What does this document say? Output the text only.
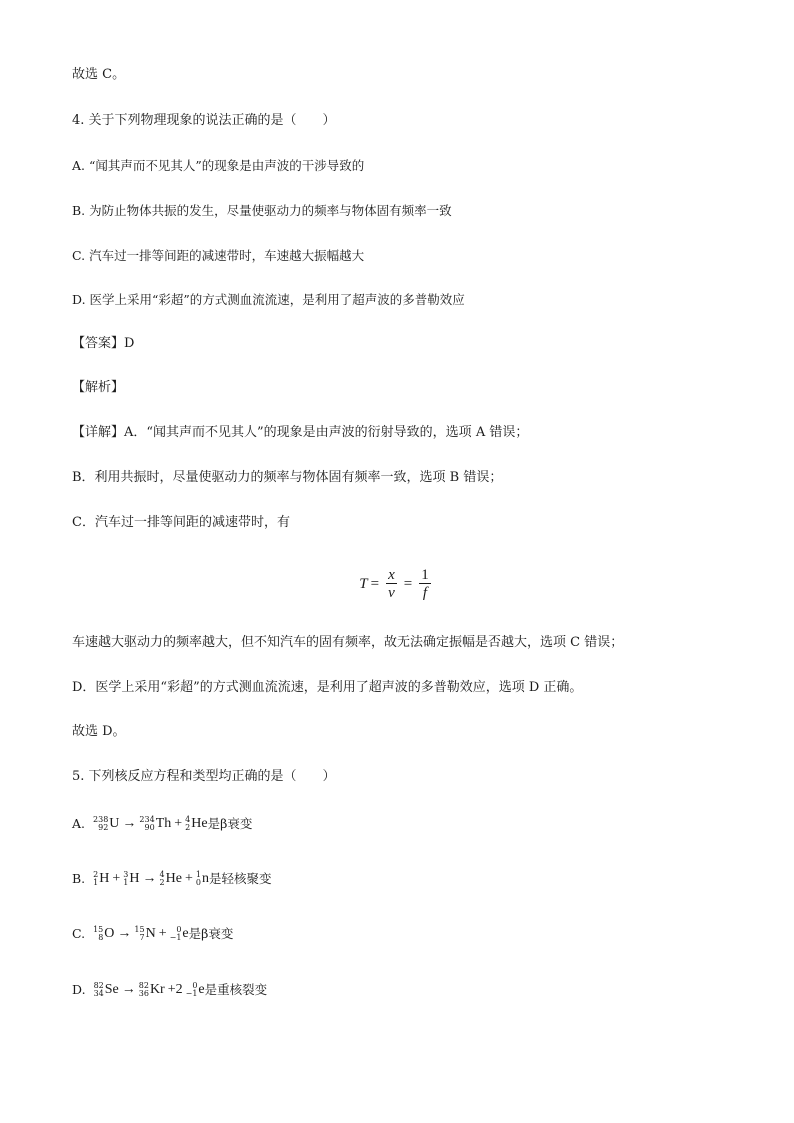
故选 C。
4. 关于下列物理现象的说法正确的是（　　）
A. “闻其声而不见其人”的现象是由声波的干涉导致的
B. 为防止物体共振的发生，尽量使驱动力的频率与物体固有频率一致
C. 汽车过一排等间距的减速带时，车速越大振幅越大
D. 医学上采用“彩超”的方式测血流流速，是利用了超声波的多普勒效应
【答案】D
【解析】
【详解】A．“闻其声而不见其人”的现象是由声波的衍射导致的，选项 A 错误；
B．利用共振时，尽量使驱动力的频率与物体固有频率一致，选项 B 错误；
C．汽车过一排等间距的减速带时，有
$T = \frac{x}{v} = \frac{1}{f}$
车速越大驱动力的频率越大，但不知汽车的固有频率，故无法确定振幅是否越大，选项 C 错误；
D．医学上采用“彩超”的方式测血流流速，是利用了超声波的多普勒效应，选项 D 正确。
故选 D。
5. 下列核反应方程和类型均正确的是（　　）
A. 238
92 U → 234
90 Th + 4
2 He 是β衰变
B. 2
1 H + 3
1 H → 4
2 He + 1
0 n 是轻核聚变
C. 15
8 O → 15
7 N + 0
−1 e 是β衰变
D. 82
34 Se → 82
36 Kr +2 0
−1 e 是重核裂变
